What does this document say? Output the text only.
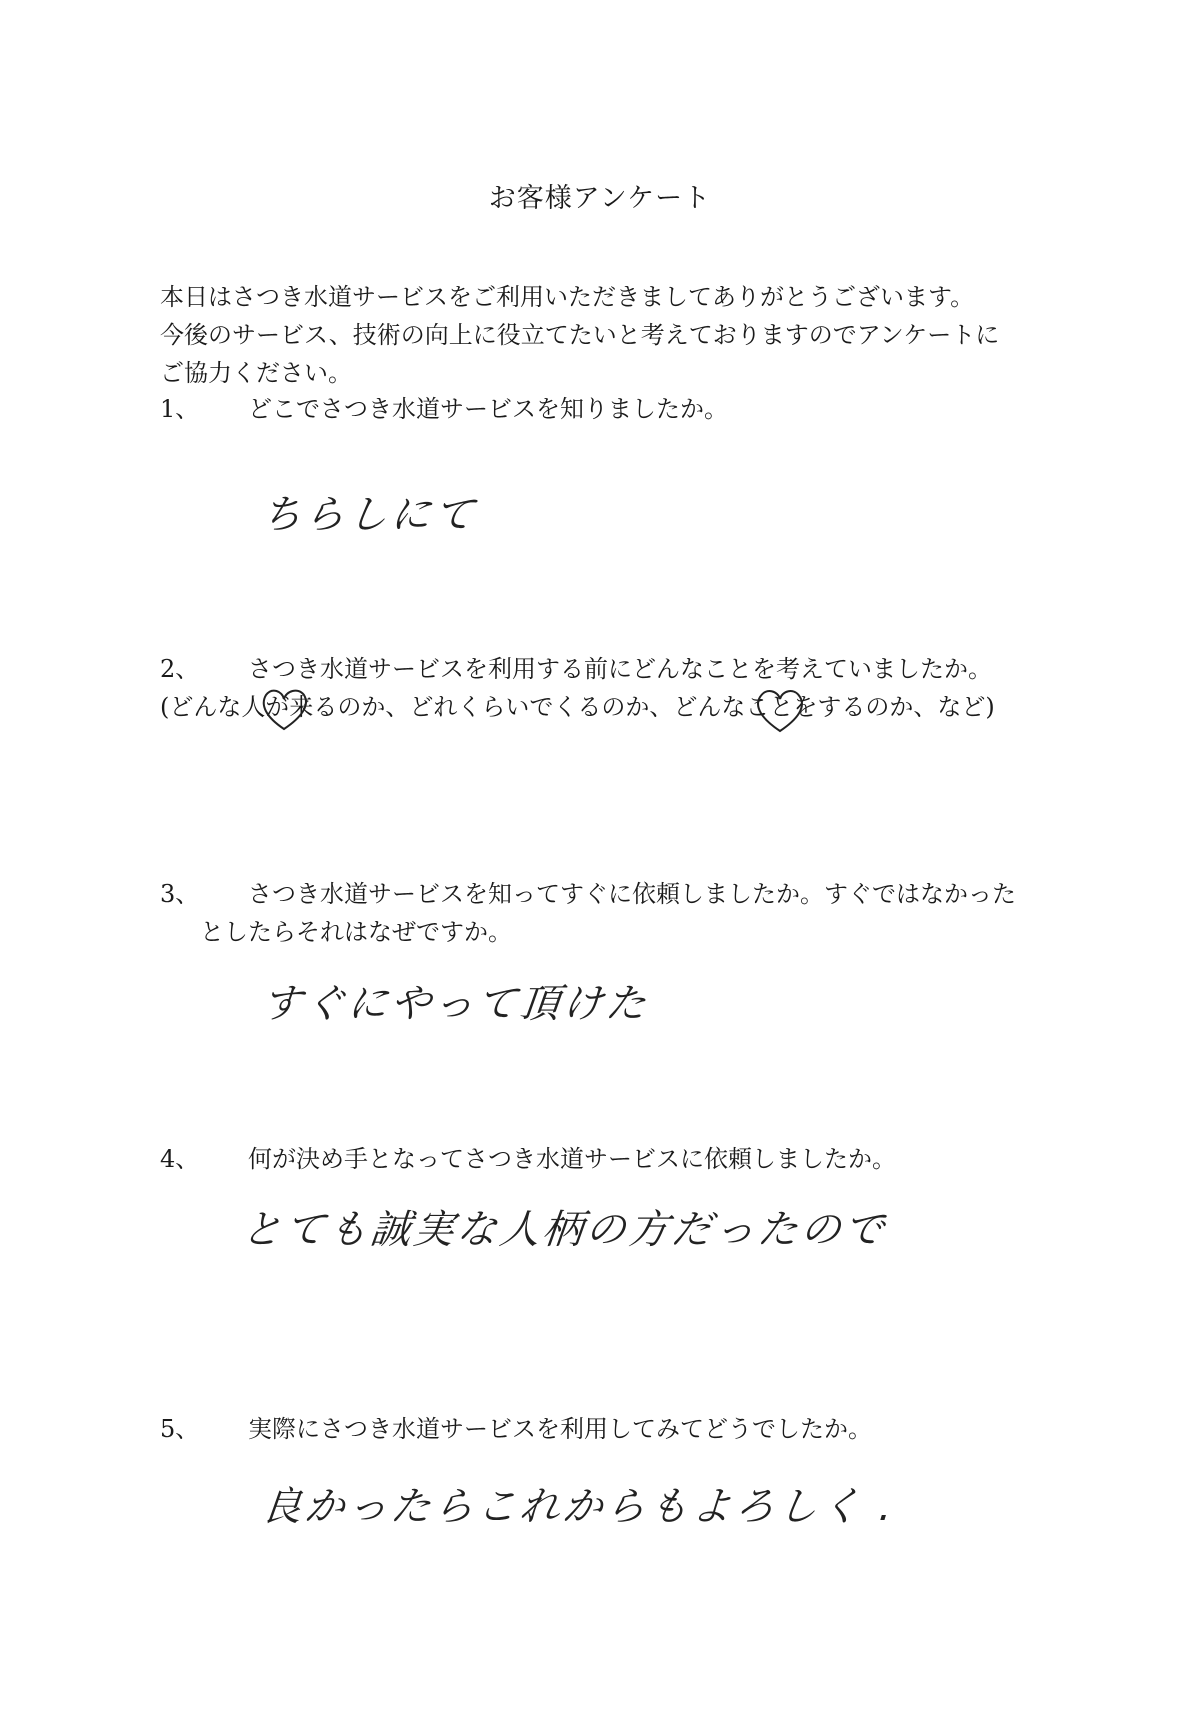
お客様アンケート
本日はさつき水道サービスをご利用いただきましてありがとうございます。
今後のサービス、技術の向上に役立てたいと考えておりますのでアンケートに
ご協力ください。
1、 どこでさつき水道サービスを知りましたか。
ちらしにて
2、 さつき水道サービスを利用する前にどんなことを考えていましたか。
(どんな人が来るのか、どれくらいでくるのか、どんなことをするのか、など)
3、 さつき水道サービスを知ってすぐに依頼しましたか。すぐではなかった
としたらそれはなぜですか。
すぐにやって頂けた
4、 何が決め手となってさつき水道サービスに依頼しましたか。
とても誠実な人柄の方だったので
5、 実際にさつき水道サービスを利用してみてどうでしたか。
良かったらこれからもよろしく .
